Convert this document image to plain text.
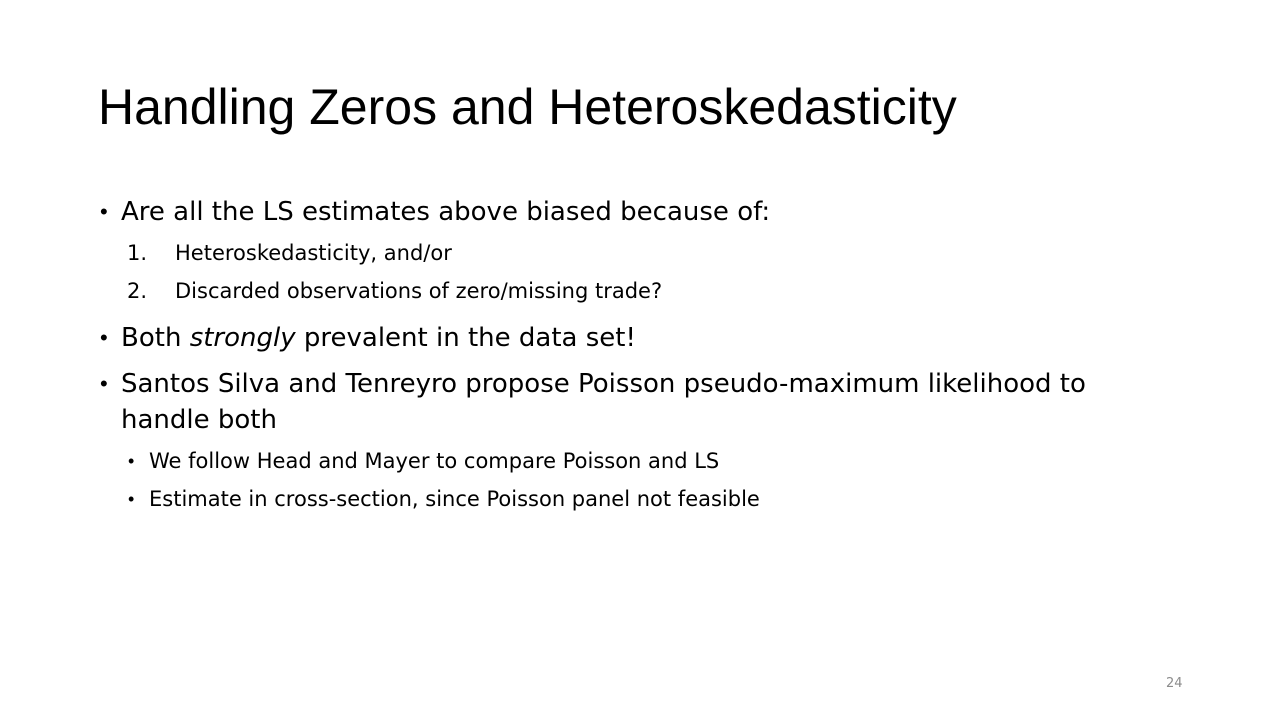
Handling Zeros and Heteroskedasticity
• Are all the LS estimates above biased because of:
1. Heteroskedasticity, and/or
2. Discarded observations of zero/missing trade?
• Both strongly prevalent in the data set!
• Santos Silva and Tenreyro propose Poisson pseudo-maximum likelihood to handle both
• We follow Head and Mayer to compare Poisson and LS
• Estimate in cross-section, since Poisson panel not feasible
24
